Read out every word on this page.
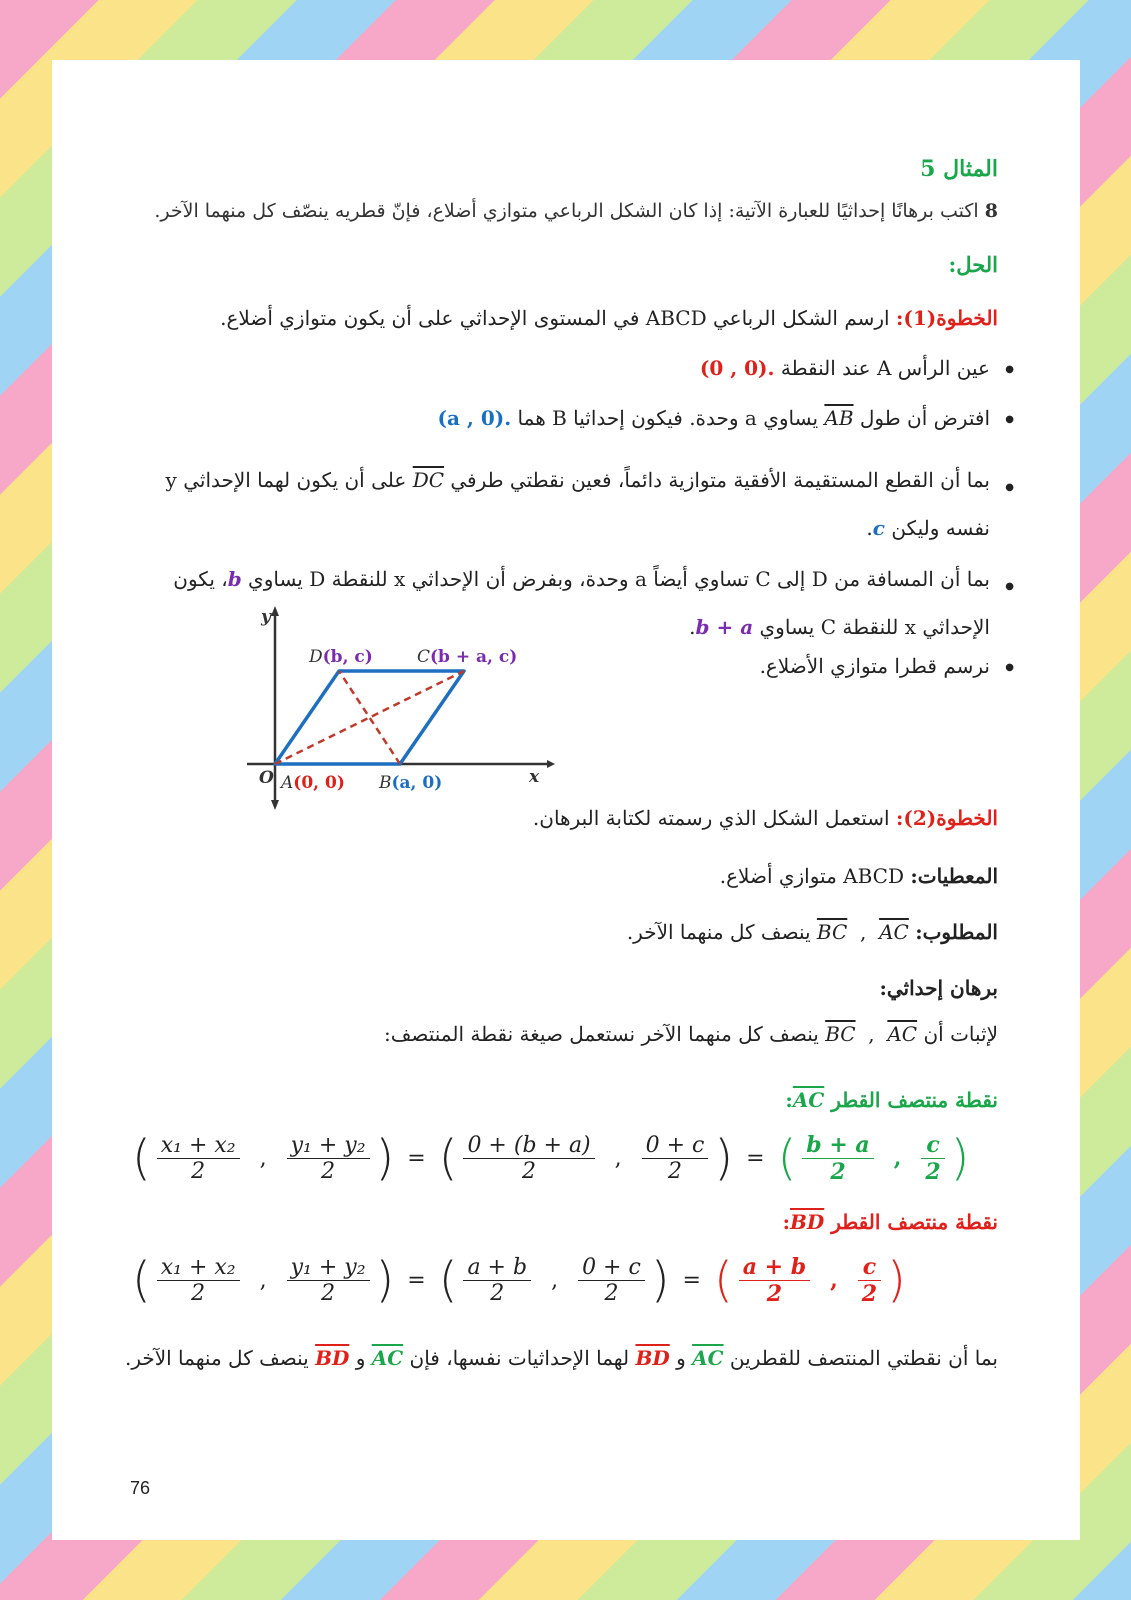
المثال 5
8 اكتب برهانًا إحداثيًا للعبارة الآتية: إذا كان الشكل الرباعي متوازي أضلاع، فإنّ قطريه ينصّف كل منهما الآخر.
الحل:
الخطوة(1): ارسم الشكل الرباعي ABCD في المستوى الإحداثي على أن يكون متوازي أضلاع.
● عين الرأس A عند النقطة (0 , 0).
● افترض أن طول AB يساوي a وحدة. فيكون إحداثيا B هما (a , 0).
● بما أن القطع المستقيمة الأفقية متوازية دائماً، فعين نقطتي طرفي DC على أن يكون لهما الإحداثي y نفسه وليكن c.
● بما أن المسافة من D إلى C تساوي أيضاً a وحدة، وبفرض أن الإحداثي x للنقطة D يساوي b، يكون الإحداثي x للنقطة C يساوي b + a.
● نرسم قطرا متوازي الأضلاع.
y
x
O A(0, 0) B(a, 0)
D(b, c)	C(b + a, c)
الخطوة(2): استعمل الشكل الذي رسمته لكتابة البرهان.
المعطيات: ABCD متوازي أضلاع.
المطلوب: BC  ,  AC ينصف كل منهما الآخر.
برهان إحداثي:
لإثبات أن BC  ,  AC ينصف كل منهما الآخر نستعمل صيغة نقطة المنتصف:
نقطة منتصف القطر AC:
( $\frac{\text{x₁ + x₂}}{2}$ , $\frac{\text{y₁ + y₂}}{2}$ ) = ( $\frac{0 + (b + a)}{2}$ , $\frac{0 + c}{2}$ ) = ( $\frac{b + a}{2}$ , $\frac{c}{2}$ )
نقطة منتصف القطر BD:
( $\frac{\text{x₁ + x₂}}{2}$ , $\frac{\text{y₁ + y₂}}{2}$ ) = ( $\frac{a + b}{2}$ , $\frac{0 + c}{2}$ ) = ( $\frac{a + b}{2}$ , $\frac{c}{2}$ )
بما أن نقطتي المنتصف للقطرين AC و BD لهما الإحداثيات نفسها، فإن AC و BD ينصف كل منهما الآخر.
76
